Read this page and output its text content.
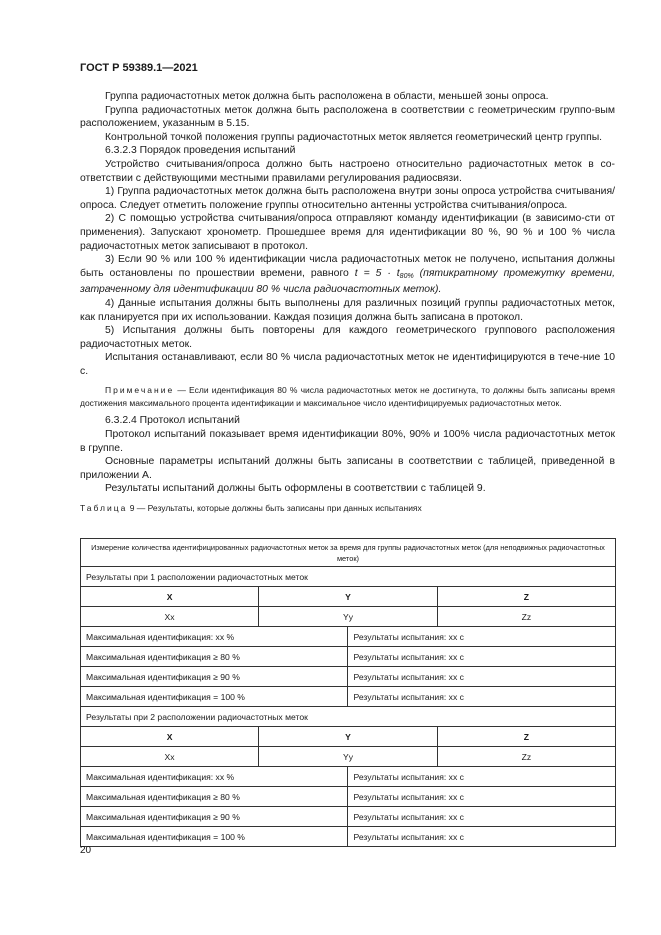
ГОСТ Р 59389.1—2021

Группа радиочастотных меток должна быть расположена в области, меньшей зоны опроса.

Группа радиочастотных меток должна быть расположена в соответствии с геометрическим группо-вым расположением, указанным в 5.15.

Контрольной точкой положения группы радиочастотных меток является геометрический центр группы.

6.3.2.3 Порядок проведения испытаний

Устройство считывания/опроса должно быть настроено относительно радиочастотных меток в со-ответствии с действующими местными правилами регулирования радиосвязи.

1) Группа радиочастотных меток должна быть расположена внутри зоны опроса устройства считывания/опроса. Следует отметить положение группы относительно антенны устройства считывания/опроса.

2) С помощью устройства считывания/опроса отправляют команду идентификации (в зависимо-сти от применения). Запускают хронометр. Прошедшее время для идентификации 80 %, 90 % и 100 % числа радиочастотных меток записывают в протокол.

3) Если 90 % или 100 % идентификации числа радиочастотных меток не получено, испытания должны быть остановлены по прошествии времени, равного $t = 5 \cdot t_{80\%}$ (пятикратному промежутку времени, затраченному для идентификации 80 % числа радиочастотных меток).

4) Данные испытания должны быть выполнены для различных позиций группы радиочастотных меток, как планируется при их использовании. Каждая позиция должна быть записана в протокол.

5) Испытания должны быть повторены для каждого геометрического группового расположения радиочастотных меток.

Испытания останавливают, если 80 % числа радиочастотных меток не идентифицируются в тече-ние 10 с.

Примечание — Если идентификация 80 % числа радиочастотных меток не достигнута, то должны быть записаны время достижения максимального процента идентификации и максимальное число идентифицируемых радиочастотных меток.

6.3.2.4 Протокол испытаний

Протокол испытаний показывает время идентификации 80%, 90% и 100% числа радиочастотных меток в группе.

Основные параметры испытаний должны быть записаны в соответствии с таблицей, приведенной в приложении А.

Результаты испытаний должны быть оформлены в соответствии с таблицей 9.

Таблица 9 — Результаты, которые должны быть записаны при данных испытаниях

Измерение количества идентифицированных радиочастотных меток за время для группы радиочастотных меток (для неподвижных радиочастотных меток)			
Результаты при 1 расположении радиочастотных меток			
X	Y		Z
Xx	Yy		Zz
Максимальная идентификация: хх %		Результаты испытания: хх с	
Максимальная идентификация ≥ 80 %		Результаты испытания: хх с	
Максимальная идентификация ≥ 90 %		Результаты испытания: хх с	
Максимальная идентификация = 100 %		Результаты испытания: хх с	
Результаты при 2 расположении радиочастотных меток			
X	Y		Z
Xx	Yy		Zz
Максимальная идентификация: хх %		Результаты испытания: хх с	
Максимальная идентификация ≥ 80 %		Результаты испытания: хх с	
Максимальная идентификация ≥ 90 %		Результаты испытания: хх с	
Максимальная идентификация = 100 %		Результаты испытания: хх с	

20
